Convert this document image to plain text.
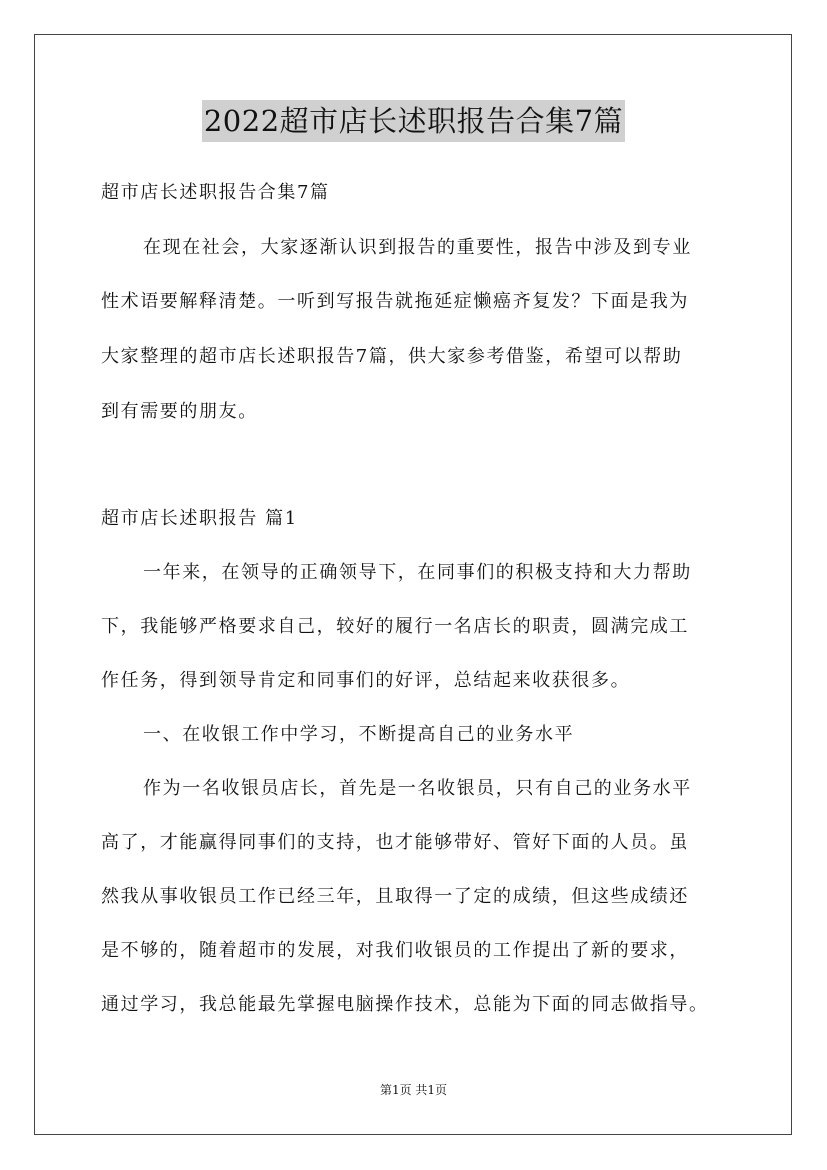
2022超市店长述职报告合集7篇
超市店长述职报告合集7篇
在现在社会，大家逐渐认识到报告的重要性，报告中涉及到专业
性术语要解释清楚。一听到写报告就拖延症懒癌齐复发？下面是我为
大家整理的超市店长述职报告7篇，供大家参考借鉴，希望可以帮助
到有需要的朋友。
超市店长述职报告 篇1
一年来，在领导的正确领导下，在同事们的积极支持和大力帮助
下，我能够严格要求自己，较好的履行一名店长的职责，圆满完成工
作任务，得到领导肯定和同事们的好评，总结起来收获很多。
一、在收银工作中学习，不断提高自己的业务水平
作为一名收银员店长，首先是一名收银员，只有自己的业务水平
高了，才能赢得同事们的支持，也才能够带好、管好下面的人员。虽
然我从事收银员工作已经三年，且取得一了定的成绩，但这些成绩还
是不够的，随着超市的发展，对我们收银员的工作提出了新的要求，
通过学习，我总能最先掌握电脑操作技术，总能为下面的同志做指导。
第1页 共1页
